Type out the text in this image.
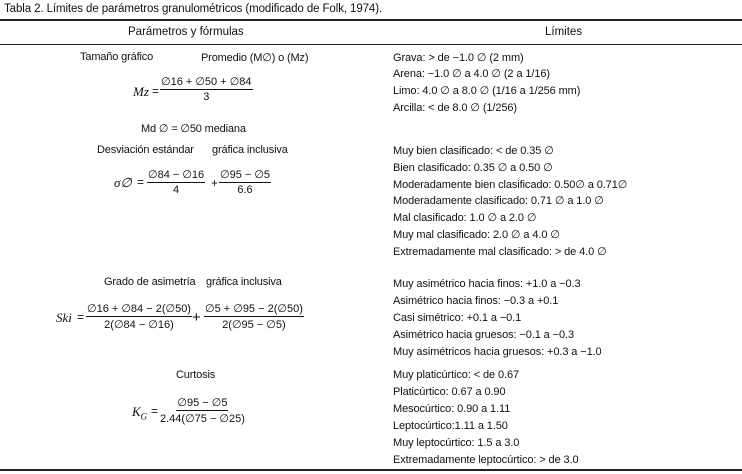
Tabla 2. Límites de parámetros granulométricos (modificado de Folk, 1974).
Parámetros y fórmulas	Límites
Tamaño gráfico	Promedio (M∅) o (Mz)
$Mz = \frac{\emptyset 16 + \emptyset 50 + \emptyset 84}{3}$
Md ∅ = ∅50 mediana
Grava: > de −1.0 ∅ (2 mm)
Arena: −1.0 ∅ a 4.0 ∅ (2 a 1/16)
Limo: 4.0 ∅ a 8.0 ∅ (1/16 a 1/256 mm)
Arcilla: < de 8.0 ∅ (1/256)
Desviación estándar gráfica inclusiva
σ∅ = $\frac{\emptyset 84 - \emptyset 16}{4} + \frac{\emptyset 95 - \emptyset 5}{6.6}$
Muy bien clasificado: < de 0.35 ∅
Bien clasificado: 0.35 ∅ a 0.50 ∅
Moderadamente bien clasificado: 0.50∅ a 0.71∅
Moderadamente clasificado: 0.71 ∅ a 1.0 ∅
Mal clasificado: 1.0 ∅ a 2.0 ∅
Muy mal clasificado: 2.0 ∅ a 4.0 ∅
Extremadamente mal clasificado: > de 4.0 ∅
Grado de asimetría gráfica inclusiva
Ski = $\frac{\emptyset 16 + \emptyset 84 - 2(\emptyset 50)}{2(\emptyset 84 - \emptyset 16)} + \frac{\emptyset 5 + \emptyset 95 - 2(\emptyset 50)}{2(\emptyset 95 - \emptyset 5)}$
Muy asimétrico hacia finos: +1.0 a −0.3
Asimétrico hacia finos: −0.3 a +0.1
Casi simétrico: +0.1 a −0.1
Asimétrico hacia gruesos: −0.1 a −0.3
Muy asimétricos hacia gruesos: +0.3 a −1.0
Curtosis
$K_G = \frac{\emptyset 95 - \emptyset 5}{2.44(\emptyset 75 - \emptyset 25)}$
Muy platicúrtico: < de 0.67
Platicúrtico: 0.67 a 0.90
Mesocúrtico: 0.90 a 1.11
Leptocúrtico:1.11 a 1.50
Muy leptocúrtico: 1.5 a 3.0
Extremadamente leptocúrtico: > de 3.0
